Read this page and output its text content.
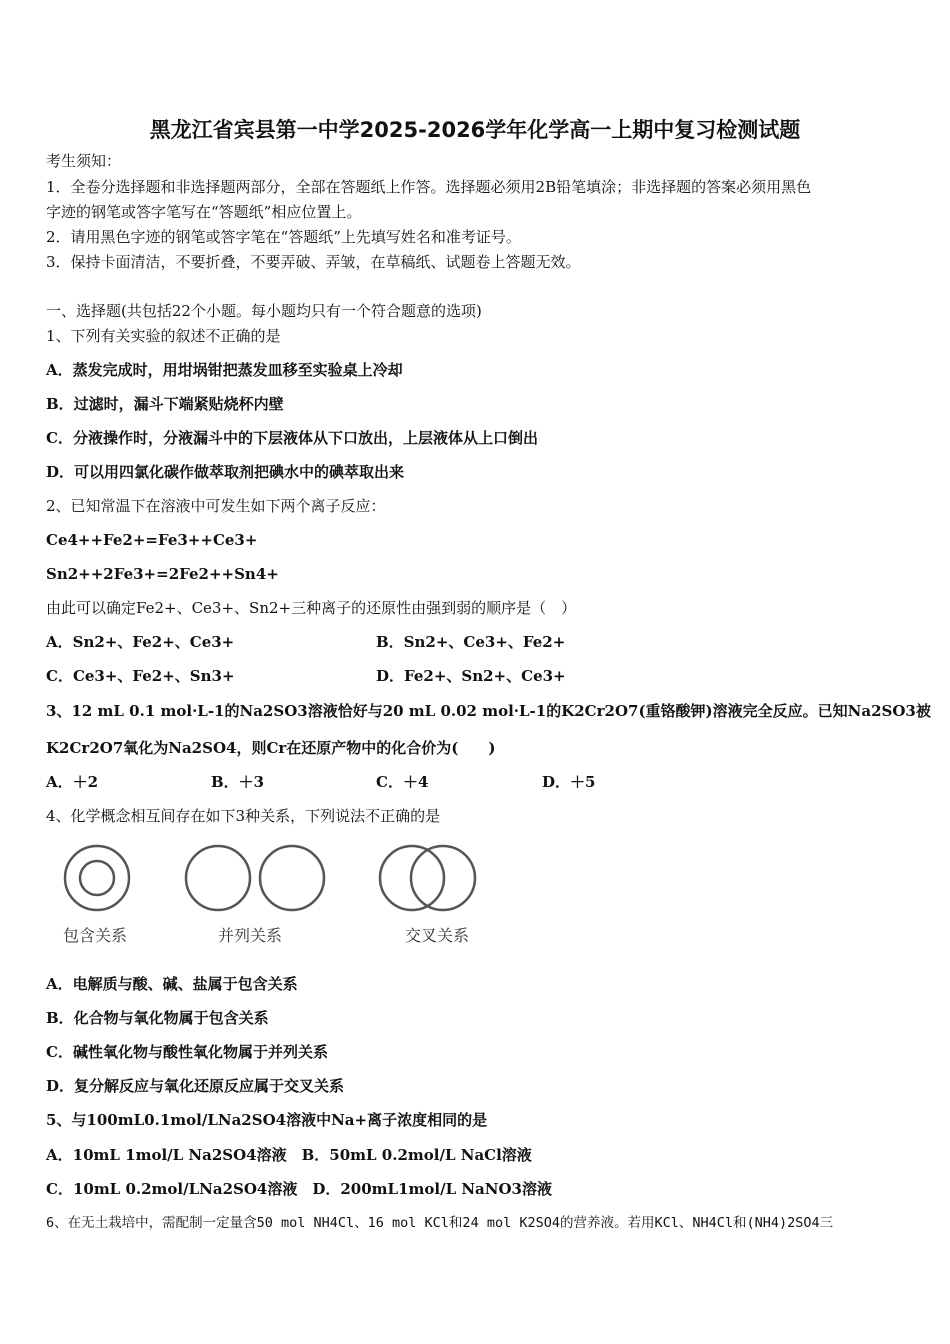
黑龙江省宾县第一中学2025-2026学年化学高一上期中复习检测试题
考生须知：
1．全卷分选择题和非选择题两部分，全部在答题纸上作答。选择题必须用2B铅笔填涂；非选择题的答案必须用黑色
字迹的钢笔或答字笔写在“答题纸”相应位置上。
2．请用黑色字迹的钢笔或答字笔在“答题纸”上先填写姓名和准考证号。
3．保持卡面清洁，不要折叠，不要弄破、弄皱，在草稿纸、试题卷上答题无效。
一、选择题(共包括22个小题。每小题均只有一个符合题意的选项)
1、下列有关实验的叙述不正确的是
A．蒸发完成时，用坩埚钳把蒸发皿移至实验桌上冷却
B．过滤时，漏斗下端紧贴烧杯内壁
C．分液操作时，分液漏斗中的下层液体从下口放出，上层液体从上口倒出
D．可以用四氯化碳作做萃取剂把碘水中的碘萃取出来
2、已知常温下在溶液中可发生如下两个离子反应：
Ce4++Fe2+=Fe3++Ce3+
Sn2++2Fe3+=2Fe2++Sn4+
由此可以确定Fe2+、Ce3+、Sn2+三种离子的还原性由强到弱的顺序是（　）
A．Sn2+、Fe2+、Ce3+	B．Sn2+、Ce3+、Fe2+
C．Ce3+、Fe2+、Sn3+	D．Fe2+、Sn2+、Ce3+
3、12 mL 0.1 mol·L-1的Na2SO3溶液恰好与20 mL 0.02 mol·L-1的K2Cr2O7(重铬酸钾)溶液完全反应。已知Na2SO3被
K2Cr2O7氧化为Na2SO4，则Cr在还原产物中的化合价为(　　)
A．＋2	B．＋3	C．＋4	D．＋5
4、化学概念相互间存在如下3种关系，下列说法不正确的是
包含关系	并列关系	交叉关系
A．电解质与酸、碱、盐属于包含关系
B．化合物与氧化物属于包含关系
C．碱性氧化物与酸性氧化物属于并列关系
D．复分解反应与氧化还原反应属于交叉关系
5、与100mL0.1mol/LNa2SO4溶液中Na+离子浓度相同的是
A．10mL 1mol/L Na2SO4溶液　B．50mL 0.2mol/L NaCl溶液
C．10mL 0.2mol/LNa2SO4溶液　D．200mL1mol/L NaNO3溶液
6、在无土栽培中，需配制一定量含50 mol NH4Cl、16 mol KCl和24 mol K2SO4的营养液。若用KCl、NH4Cl和(NH4)2SO4三
